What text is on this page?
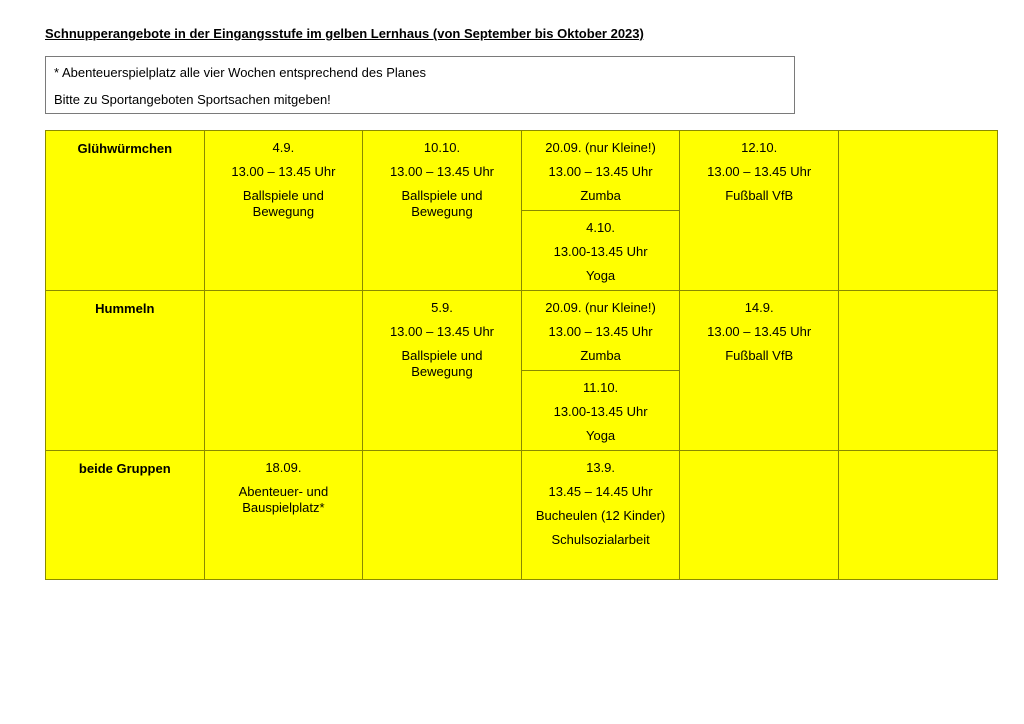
Schnupperangebote in der Eingangsstufe im gelben Lernhaus (von September bis Oktober 2023)
* Abenteuerspielplatz alle vier Wochen entsprechend des Planes
Bitte zu Sportangeboten Sportsachen mitgeben!
Glühwürmchen	4.9.
13.00 – 13.45 Uhr
Ballspiele und
Bewegung	10.10.
13.00 – 13.45 Uhr
Ballspiele und
Bewegung	20.09. (nur Kleine!)
13.00 – 13.45 Uhr
Zumba	12.10.
13.00 – 13.45 Uhr
Fußball VfB	

			4.10.
13.00-13.45 Uhr
Yoga		

Hummeln		5.9.
13.00 – 13.45 Uhr
Ballspiele und
Bewegung	20.09. (nur Kleine!)
13.00 – 13.45 Uhr
Zumba	14.9.
13.00 – 13.45 Uhr
Fußball VfB	

			11.10.
13.00-13.45 Uhr
Yoga		

beide Gruppen	18.09.
Abenteuer- und
Bauspielplatz*		13.9.
13.45 – 14.45 Uhr
Bucheulen (12 Kinder)
Schulsozialarbeit		
